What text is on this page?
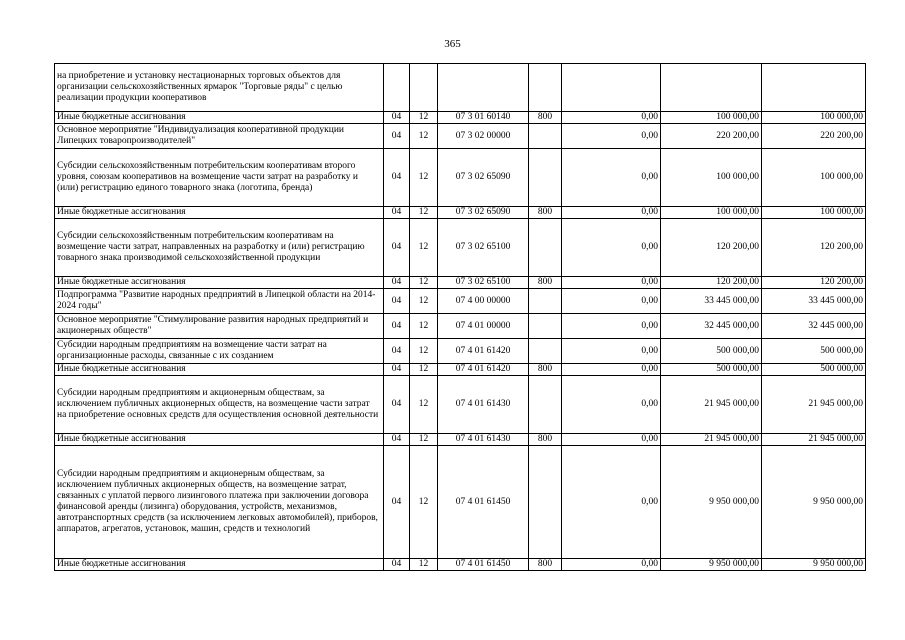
365
на приобретение и установку нестационарных торговых объектов для организации сельскохозяйственных ярмарок "Торговые ряды" с целью реализации продукции кооперативов							
Иные бюджетные ассигнования	04	12	07 3 01 60140	800	0,00	100 000,00	100 000,00
Основное мероприятие "Индивидуализация кооперативной продукции Липецких товаропроизводителей"	04	12	07 3 02 00000		0,00	220 200,00	220 200,00
Субсидии сельскохозяйственным потребительским кооперативам второго уровня, союзам кооперативов на возмещение части затрат на разработку и (или) регистрацию единого товарного знака (логотипа, бренда)	04	12	07 3 02 65090		0,00	100 000,00	100 000,00
Иные бюджетные ассигнования	04	12	07 3 02 65090	800	0,00	100 000,00	100 000,00
Субсидии сельскохозяйственным потребительским кооперативам на возмещение части затрат, направленных на разработку и (или) регистрацию товарного знака производимой сельскохозяйственной продукции	04	12	07 3 02 65100		0,00	120 200,00	120 200,00
Иные бюджетные ассигнования	04	12	07 3 02 65100	800	0,00	120 200,00	120 200,00
Подпрограмма "Развитие народных предприятий в Липецкой области на 2014-2024 годы"	04	12	07 4 00 00000		0,00	33 445 000,00	33 445 000,00
Основное мероприятие "Стимулирование развития народных предприятий и акционерных обществ"	04	12	07 4 01 00000		0,00	32 445 000,00	32 445 000,00
Субсидии народным предприятиям на возмещение части затрат на организационные расходы, связанные с их созданием	04	12	07 4 01 61420		0,00	500 000,00	500 000,00
Иные бюджетные ассигнования	04	12	07 4 01 61420	800	0,00	500 000,00	500 000,00
Субсидии народным предприятиям и акционерным обществам, за исключением публичных акционерных обществ, на возмещение части затрат на приобретение основных средств для осуществления основной деятельности	04	12	07 4 01 61430		0,00	21 945 000,00	21 945 000,00
Иные бюджетные ассигнования	04	12	07 4 01 61430	800	0,00	21 945 000,00	21 945 000,00
Субсидии народным предприятиям и акционерным обществам, за исключением публичных акционерных обществ, на возмещение затрат, связанных с уплатой первого лизингового платежа при заключении договора финансовой аренды (лизинга) оборудования, устройств, механизмов, автотранспортных средств (за исключением легковых автомобилей), приборов, аппаратов, агрегатов, установок, машин, средств и технологий	04	12	07 4 01 61450		0,00	9 950 000,00	9 950 000,00
Иные бюджетные ассигнования	04	12	07 4 01 61450	800	0,00	9 950 000,00	9 950 000,00
